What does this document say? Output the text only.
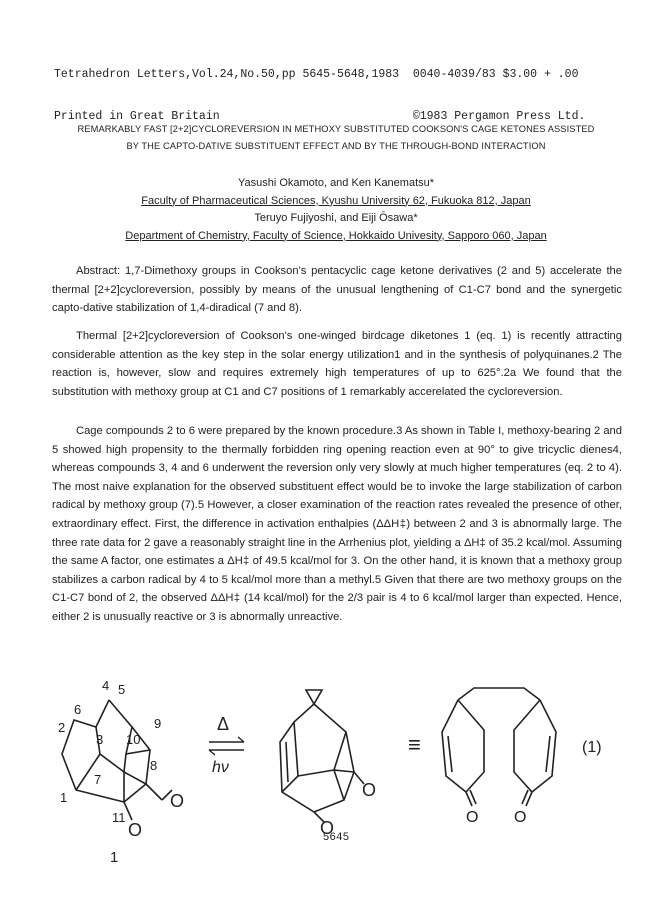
Tetrahedron Letters,Vol.24,No.50,pp 5645-5648,1983  0040-4039/83 $3.00 + .00

Printed in Great Britain                            ©1983 Pergamon Press Ltd.

REMARKABLY FAST [2+2]CYCLOREVERSION IN METHOXY SUBSTITUTED COOKSON'S CAGE KETONES ASSISTED
BY THE CAPTO-DATIVE SUBSTITUENT EFFECT AND BY THE THROUGH-BOND INTERACTION
Yasushi Okamoto, and Ken Kanematsu*
Faculty of Pharmaceutical Sciences, Kyushu University 62, Fukuoka 812, Japan
Teruyo Fujiyoshi, and Eiji Ōsawa*
Department of Chemistry, Faculty of Science, Hokkaido Univesity, Sapporo 060, Japan

Abstract: 1,7-Dimethoxy groups in Cookson's pentacyclic cage ketone derivatives (2 and 5) accelerate the thermal [2+2]cycloreversion, possibly by means of the unusual lengthening of C1-C7 bond and the synergetic capto-dative stabilization of 1,4-diradical (7 and 8).

Thermal [2+2]cycloreversion of Cookson's one-winged birdcage diketones 1 (eq. 1) is recently attracting considerable attention as the key step in the solar energy utilization1 and in the synthesis of polyquinanes.2 The reaction is, however, slow and requires extremely high temperatures of up to 625°.2a We found that the substitution with methoxy group at C1 and C7 positions of 1 remarkably accerelated the cycloreversion.

Cage compounds 2 to 6 were prepared by the known procedure.3 As shown in Table I, methoxy-bearing 2 and 5 showed high propensity to the thermally forbidden ring opening reaction even at 90° to give tricyclic dienes4, whereas compounds 3, 4 and 6 underwent the reversion only very slowly at much higher temperatures (eq. 2 to 4). The most naive explanation for the observed substituent effect would be to invoke the large stabilization of carbon radical by methoxy group (7).5 However, a closer examination of the reaction rates revealed the presence of other, extraordinary effect. First, the difference in activation enthalpies (ΔΔH‡) between 2 and 3 is abnormally large. The three rate data for 2 gave a reasonably straight line in the Arrhenius plot, yielding a ΔH‡ of 35.2 kcal/mol. Assuming the same A factor, one estimates a ΔH‡ of 49.5 kcal/mol for 3. On the other hand, it is known that a methoxy group stabilizes a carbon radical by 4 to 5 kcal/mol more than a methyl.5 Given that there are two methoxy groups on the C1-C7 bond of 2, the observed ΔΔH‡ (14 kcal/mol) for the 2/3 pair is 4 to 6 kcal/mol larger than expected. Hence, either 2 is unusually reactive or 3 is abnormally unreactive.

4 5
6
2
3 10
9
8
7
1
11
O
O
1
Δ
hν
O
O
≡
O O
(1)
5645
